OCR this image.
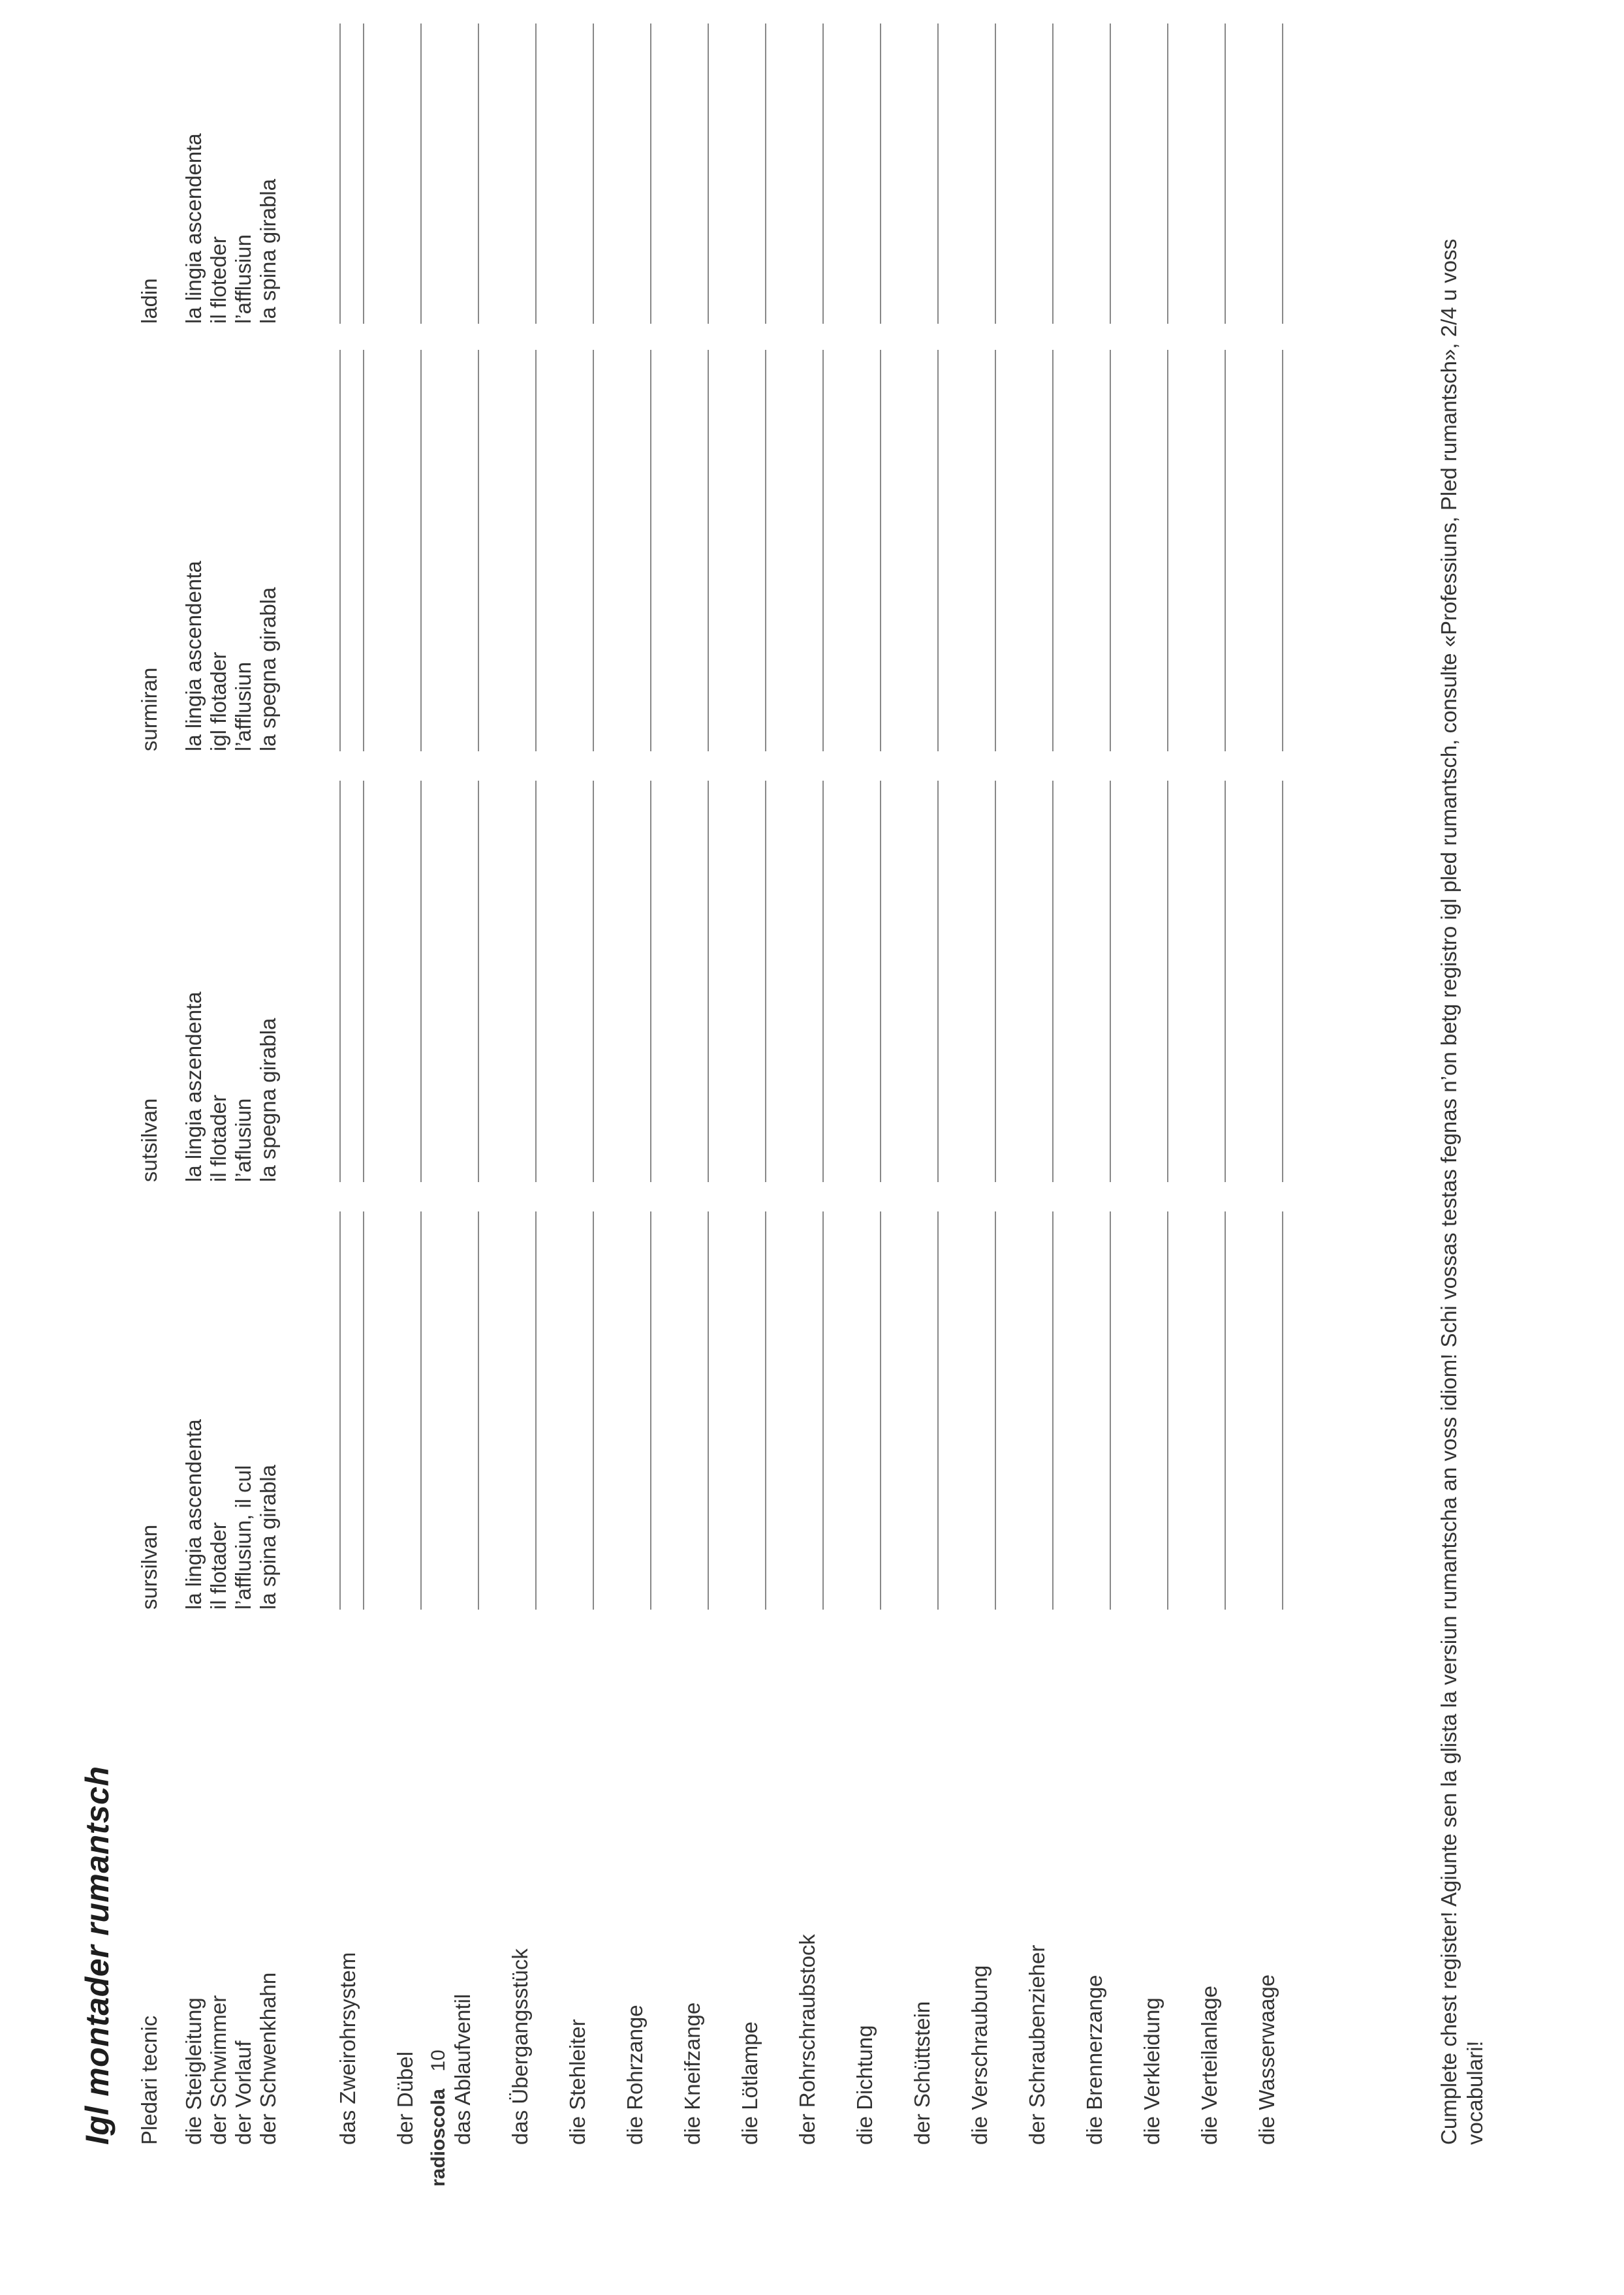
Igl montader rumantsch Pledari tecnic
sursilvan
sutsilvan
surmiran
ladin
die Steigleitung der Schwimmer der Vorlauf der Schwenkhahn
la lingia ascendenta il flotader l’afflusiun, il cul la spina girabla
la lingia aszendenta il flotader l’aflusiun la spegna girabla
la lingia ascendenta igl flotader l’afflusiun la spegna girabla
la lingia ascendenta il floteder l’afflusiun la spina girabla
das Zweirohrsystem der Dübel das Ablaufventil das Übergangsstück die Stehleiter die Rohrzange die Kneifzange die Lötlampe der Rohrschraubstock die Dichtung der Schüttstein die Verschraubung der Schraubenzieher die Brennerzange die Verkleidung die Verteilanlage die Wasserwaage	Cumplete chest register! Agiunte sen la glista la versiun rumantscha an voss idiom! Schi vossas testas fegnas n’on betg registro igl pled rumantsch, consulte «Professiuns, Pled rumantsch», 2/4 u voss vocabulari!
radioscola 10
